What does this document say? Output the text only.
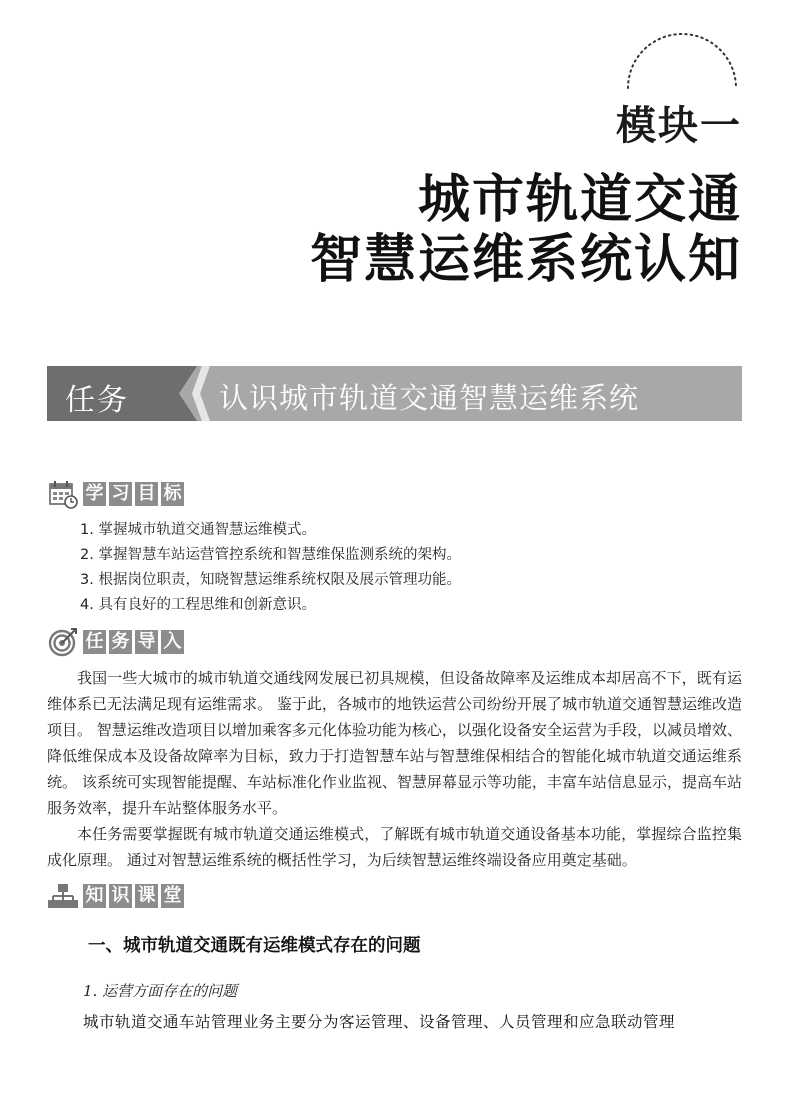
模块一
城市轨道交通
智慧运维系统认知
任务	认识城市轨道交通智慧运维系统
学 习 目 标
1. 掌握城市轨道交通智慧运维模式。
2. 掌握智慧车站运营管控系统和智慧维保监测系统的架构。
3. 根据岗位职责，知晓智慧运维系统权限及展示管理功能。
4. 具有良好的工程思维和创新意识。
任 务 导 入

我国一些大城市的城市轨道交通线网发展已初具规模，但设备故障率及运维成本却居高不下，既有运维体系已无法满足现有运维需求。 鉴于此，各城市的地铁运营公司纷纷开展了城市轨道交通智慧运维改造项目。 智慧运维改造项目以增加乘客多元化体验功能为核心，以强化设备安全运营为手段，以减员增效、降低维保成本及设备故障率为目标，致力于打造智慧车站与智慧维保相结合的智能化城市轨道交通运维系统。 该系统可实现智能提醒、车站标准化作业监视、智慧屏幕显示等功能，丰富车站信息显示，提高车站服务效率，提升车站整体服务水平。

本任务需要掌握既有城市轨道交通运维模式，了解既有城市轨道交通设备基本功能，掌握综合监控集成化原理。 通过对智慧运维系统的概括性学习，为后续智慧运维终端设备应用奠定基础。

知 识 课 堂
一、城市轨道交通既有运维模式存在的问题
1. 运营方面存在的问题
城市轨道交通车站管理业务主要分为客运管理、设备管理、人员管理和应急联动管理
